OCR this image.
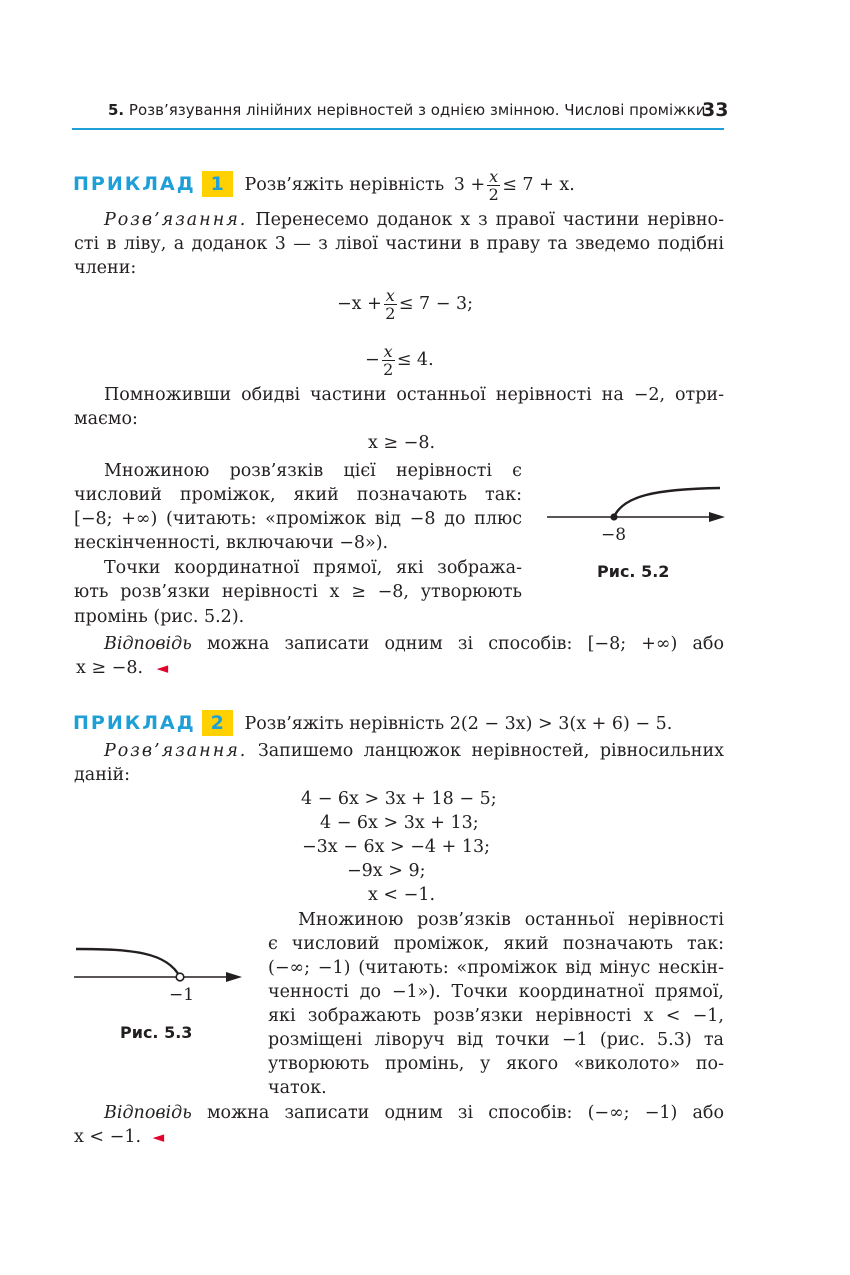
5. Розв’язування лінійних нерівностей з однією змінною. Числові проміжки
33
ПРИКЛАД 1 Розв’яжіть нерівність $3 + \frac{x}{2} \le 7 + x$.
Розв’язання. Перенесемо доданок x з правої частини нерівно-
сті в ліву, а доданок 3 — з лівої частини в праву та зведемо подібні
члени:
$-x + \frac{x}{2} \le 7 - 3$;
− $\frac{x}{2} \le 4$.
Помноживши обидві частини останньої нерівності на −2, отри-
маємо:
x ≥ −8.
Множиною розв’язків цієї нерівності є
числовий проміжок, який позначають так:
[−8; +∞) (читають: «проміжок від −8 до плюс
нескінченності, включаючи −8»).
Точки координатної прямої, які зобража-
ють розв’язки нерівності x ≥ −8, утворюють
промінь (рис. 5.2).
−8
Рис. 5.2
Відповідь можна записати одним зі способів: [−8; +∞) або
x ≥ −8. ◄
ПРИКЛАД 2 Розв’яжіть нерівність 2(2 − 3x) > 3(x + 6) − 5.
Розв’язання. Запишемо ланцюжок нерівностей, рівносильних
даній:
4 − 6x > 3x + 18 − 5;
4 − 6x > 3x + 13;
−3x − 6x > −4 + 13;
−9x > 9;
x < −1.
Множиною розв’язків останньої нерівності
є числовий проміжок, який позначають так:
(−∞; −1) (читають: «проміжок від мінус нескін-
ченності до −1»). Точки координатної прямої,
які зображають розв’язки нерівності x < −1,
розміщені ліворуч від точки −1 (рис. 5.3) та
утворюють промінь, у якого «виколото» по-
чаток.
−1
Рис. 5.3
Відповідь можна записати одним зі способів: (−∞; −1) або
x < −1. ◄
